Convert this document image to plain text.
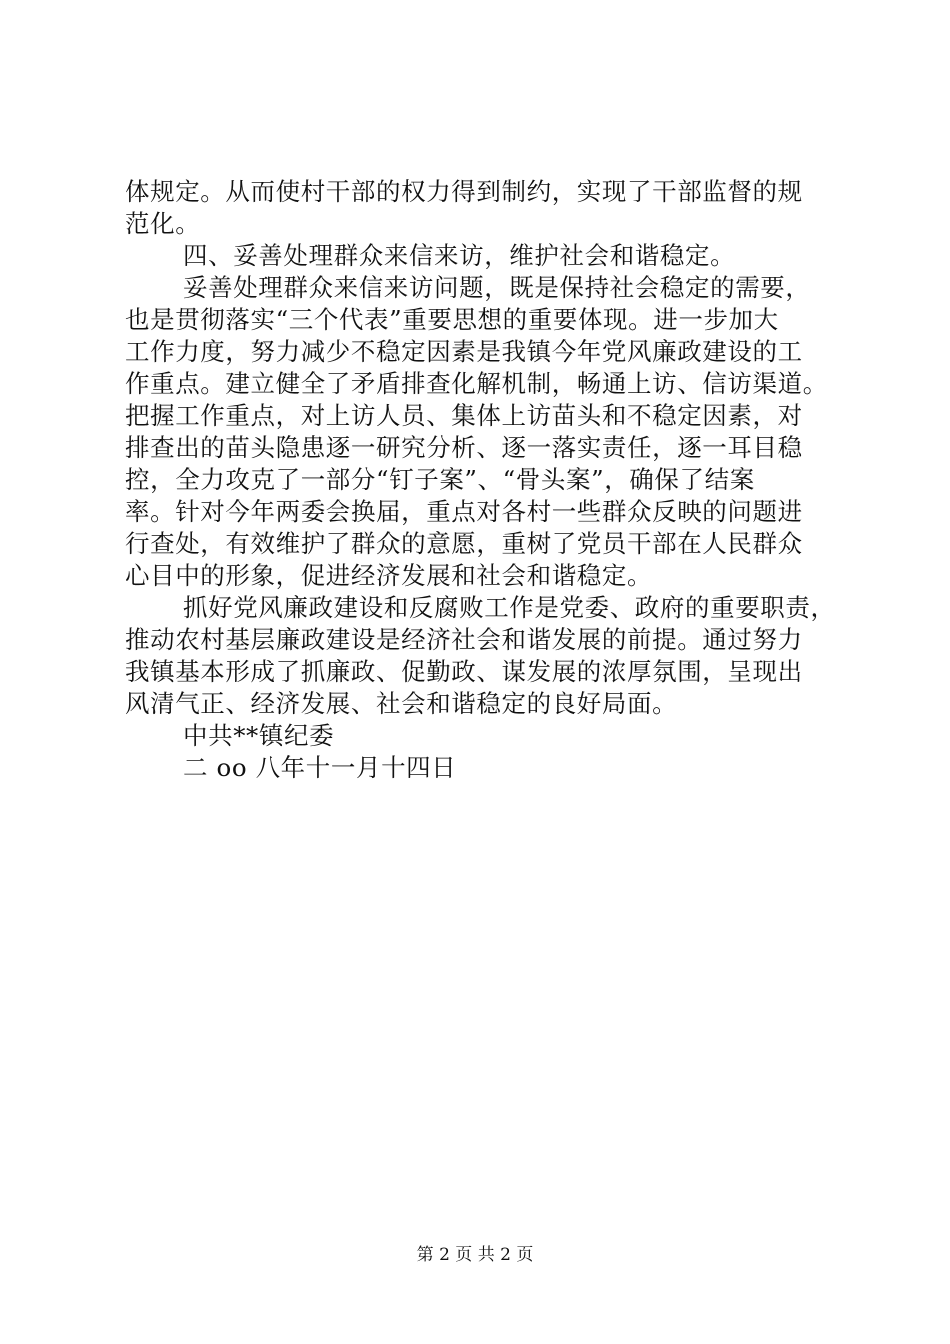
体规定。从而使村干部的权力得到制约，实现了干部监督的规
范化。
四、妥善处理群众来信来访，维护社会和谐稳定。
妥善处理群众来信来访问题，既是保持社会稳定的需要，
也是贯彻落实“三个代表”重要思想的重要体现。进一步加大
工作力度，努力减少不稳定因素是我镇今年党风廉政建设的工
作重点。建立健全了矛盾排查化解机制，畅通上访、信访渠道。
把握工作重点，对上访人员、集体上访苗头和不稳定因素，对
排查出的苗头隐患逐一研究分析、逐一落实责任，逐一耳目稳
控，全力攻克了一部分“钉子案”、“骨头案”，确保了结案
率。针对今年两委会换届，重点对各村一些群众反映的问题进
行查处，有效维护了群众的意愿，重树了党员干部在人民群众
心目中的形象，促进经济发展和社会和谐稳定。
抓好党风廉政建设和反腐败工作是党委、政府的重要职责，
推动农村基层廉政建设是经济社会和谐发展的前提。通过努力
我镇基本形成了抓廉政、促勤政、谋发展的浓厚氛围，呈现出
风清气正、经济发展、社会和谐稳定的良好局面。
中共**镇纪委
二 oo 八年十一月十四日
第 2 页 共 2 页
